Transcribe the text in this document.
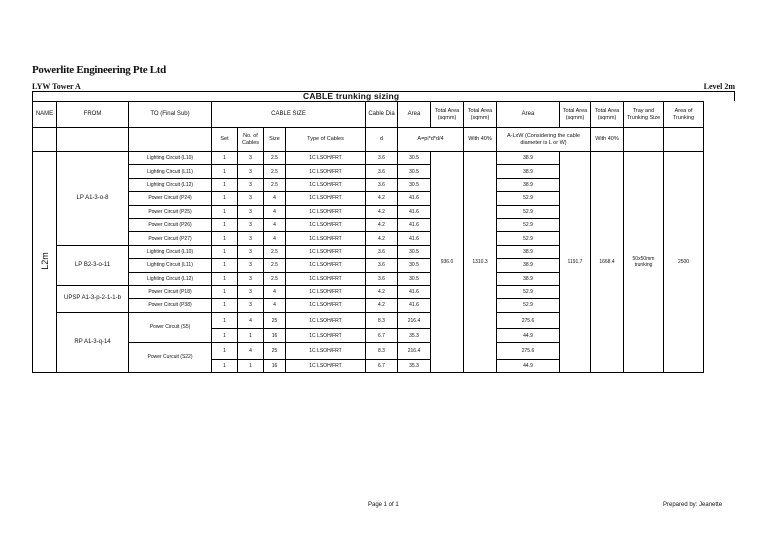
Powerlite Engineering Pte Ltd
LYW Tower A	Level 2m
CABLE trunking sizing
NAME	FROM	TO (Final Sub)	CABLE SIZE				Cable Dia	Area	Total Area (sqmm)	Total Area (sqmm)	Area	Total Area (sqmm)	Total Area (sqmm)	Tray and Trunking Size	Area of Trunking
			Set	No. of Cables	Size	Type of Cables	d	A=pi*d*d/4		With 40%	A-LxW (Considering the cable diameter is L or W)		With 40%		
L2m	LP A1-3-o-8	Lighting Circuit (L10)	1	3	2.5	1C LSOH/FRT	3.6	30.5	936.0	1310.3	38.9	1191.7	1668.4	50x50mm trunking	2500
		Lighting Circuit (L11)	1	3	2.5	1C LSOH/FRT	3.6	30.5			38.9				
		Lighting Circuit (L12)	1	3	2.5	1C LSOH/FRT	3.6	30.5			38.9				
		Power Circuit (P24)	1	3	4	1C LSOH/FRT	4.2	41.6			52.9				
		Power Circuit (P25)	1	3	4	1C LSOH/FRT	4.2	41.6			52.9				
		Power Circuit (P26)	1	3	4	1C LSOH/FRT	4.2	41.6			52.9				
		Power Circuit (P27)	1	3	4	1C LSOH/FRT	4.2	41.6			52.9				
	LP B2-3-o-11	Lighting Circuit (L10)	1	3	2.5	1C LSOH/FRT	3.6	30.5			38.9				
		Lighting Circuit (L11)	1	3	2.5	1C LSOH/FRT	3.6	30.5			38.9				
		Lighting Circuit (L12)	1	3	2.5	1C LSOH/FRT	3.6	30.5			38.9				
	UPSP A1-3-p-2-1-1-b	Power Circuit (P18)	1	3	4	1C LSOH/FRT	4.2	41.6			52.9				
		Power Circuit (P38)	1	3	4	1C LSOH/FRT	4.2	41.6			52.9				
	RP A1-3-q-14	Power Circuit (S5)	1	4	25	1C LSOH/FRT	8.3	216.4			275.6				
			1	1	16	1C LSOH/FRT	6.7	35.3			44.9				
		Power Curcuit (S22)	1	4	25	1C LSOH/FRT	8.3	216.4			275.6				
			1	1	16	1C LSOH/FRT	6.7	35.3			44.9				
Page 1 of 1	Prepared by: Jeanette
